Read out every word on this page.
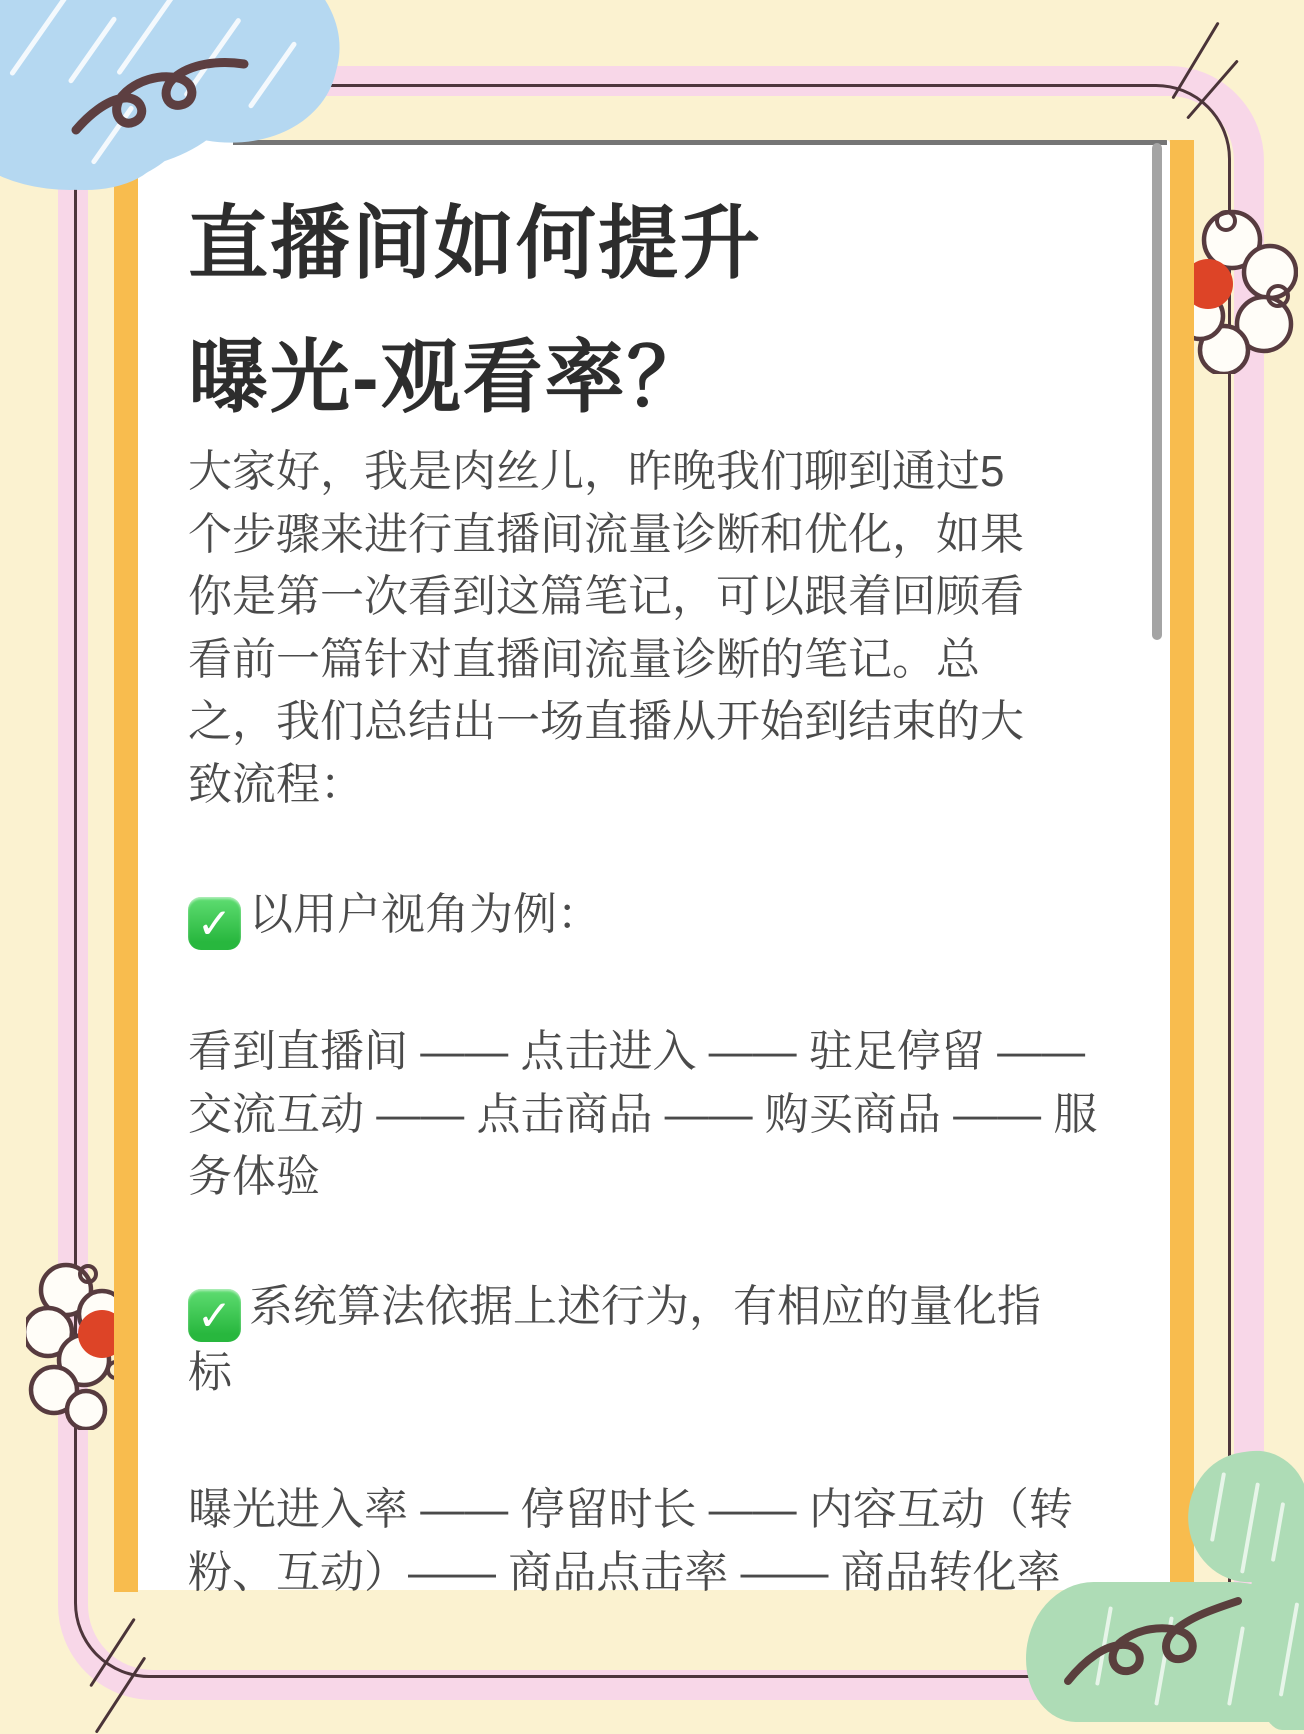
直播间如何提升
曝光-观看率？
大家好，我是肉丝儿，昨晚我们聊到通过5
个步骤来进行直播间流量诊断和优化，如果
你是第一次看到这篇笔记，可以跟着回顾看
看前一篇针对直播间流量诊断的笔记。总
之，我们总结出一场直播从开始到结束的大
致流程：
✓ 以用户视角为例：
看到直播间 —— 点击进入 —— 驻足停留 ——
交流互动 —— 点击商品 —— 购买商品 —— 服
务体验
✓ 系统算法依据上述行为，有相应的量化指
标
曝光进入率 —— 停留时长 —— 内容互动（转
粉、互动）—— 商品点击率 —— 商品转化率
